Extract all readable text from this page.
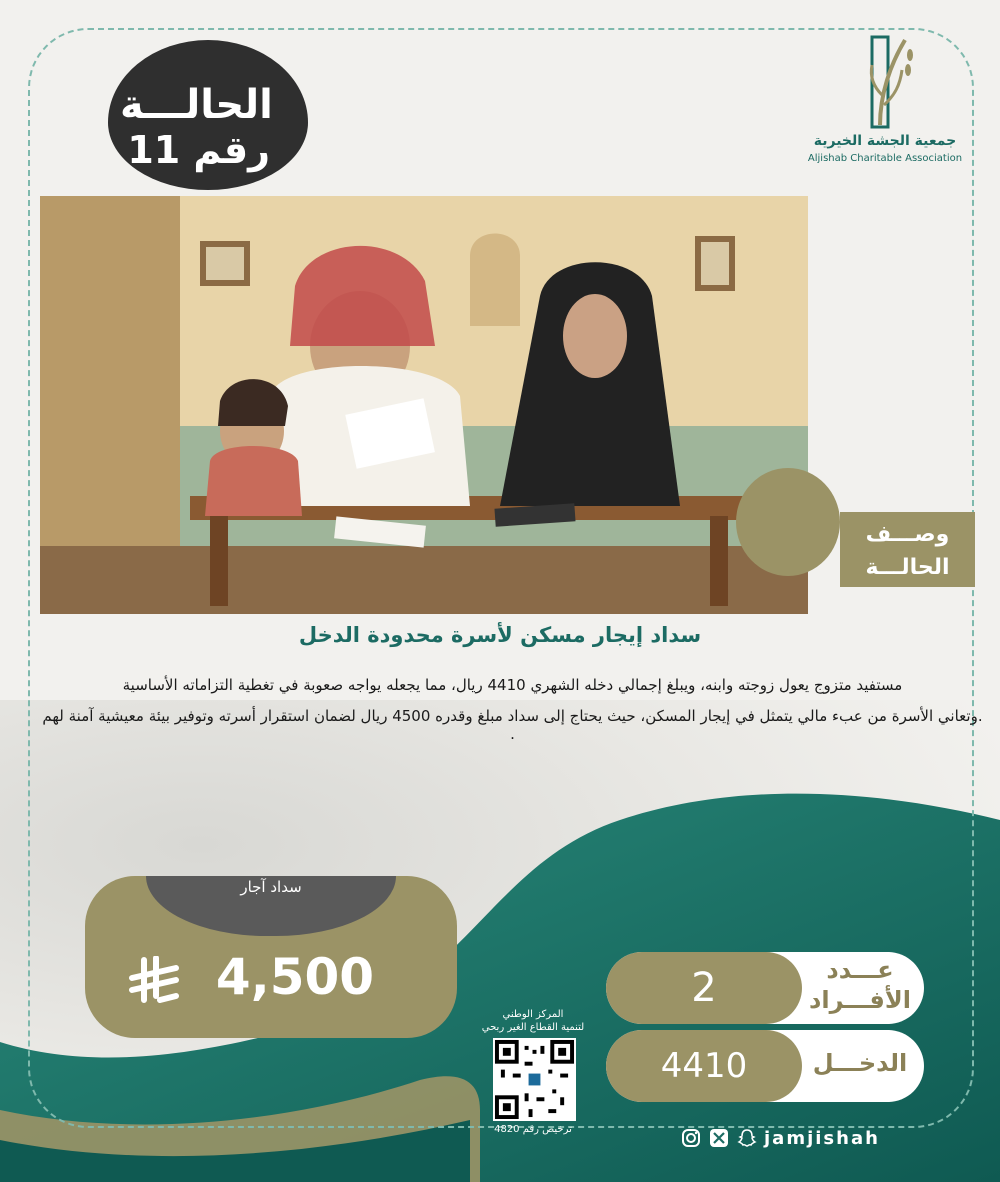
الحالـــة
رقم 11	جمعية الجشة الخيرية
Aljishab Charitable Association
وصـــف
الحالـــة
سداد إيجار مسكن لأسرة محدودة الدخل
مستفيد متزوج يعول زوجته وابنه، ويبلغ إجمالي دخله الشهري 4410 ريال، مما يجعله يواجه صعوبة في تغطية التزاماته الأساسية
.وتعاني الأسرة من عبء مالي يتمثل في إيجار المسكن، حيث يحتاج إلى سداد مبلغ وقدره 4500 ريال لضمان استقرار أسرته وتوفير بيئة معيشية آمنة لهم .
سداد آجار
4,500	2	عـــدد
الأفـــراد
4410	الدخـــل
المركز الوطني
لتنمية القطاع الغير ربحي
ترخيص رقم 4820	jamjishah
